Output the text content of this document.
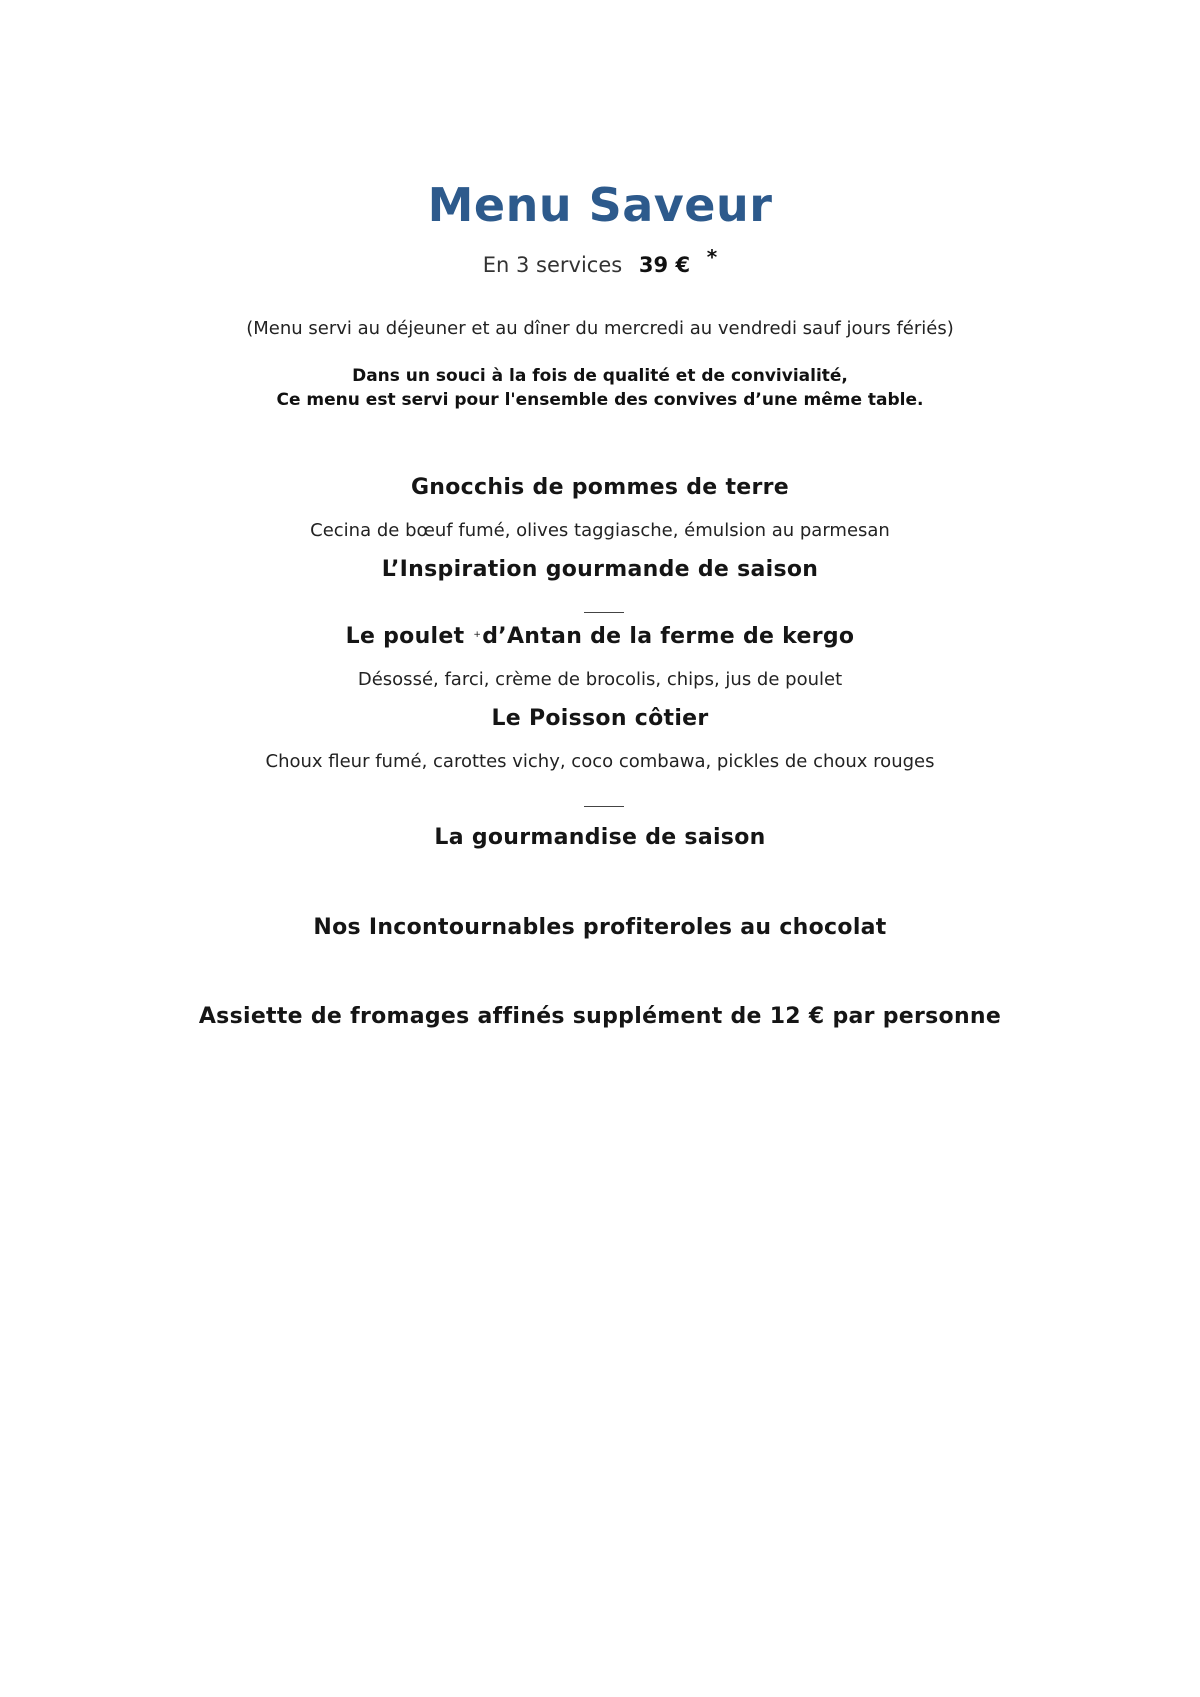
Menu Saveur
En 3 services 39 € *
(Menu servi au déjeuner et au dîner du mercredi au vendredi sauf jours fériés)
Dans un souci à la fois de qualité et de convivialité,
Ce menu est servi pour l'ensemble des convives d’une même table.
Gnocchis de pommes de terre
Cecina de bœuf fumé, olives taggiasche, émulsion au parmesan
L’Inspiration gourmande de saison
Le poulet +d’Antan de la ferme de kergo
Désossé, farci, crème de brocolis, chips, jus de poulet
Le Poisson côtier
Choux fleur fumé, carottes vichy, coco combawa, pickles de choux rouges
La gourmandise de saison
Nos Incontournables profiteroles au chocolat
Assiette de fromages affinés supplément de 12 € par personne
